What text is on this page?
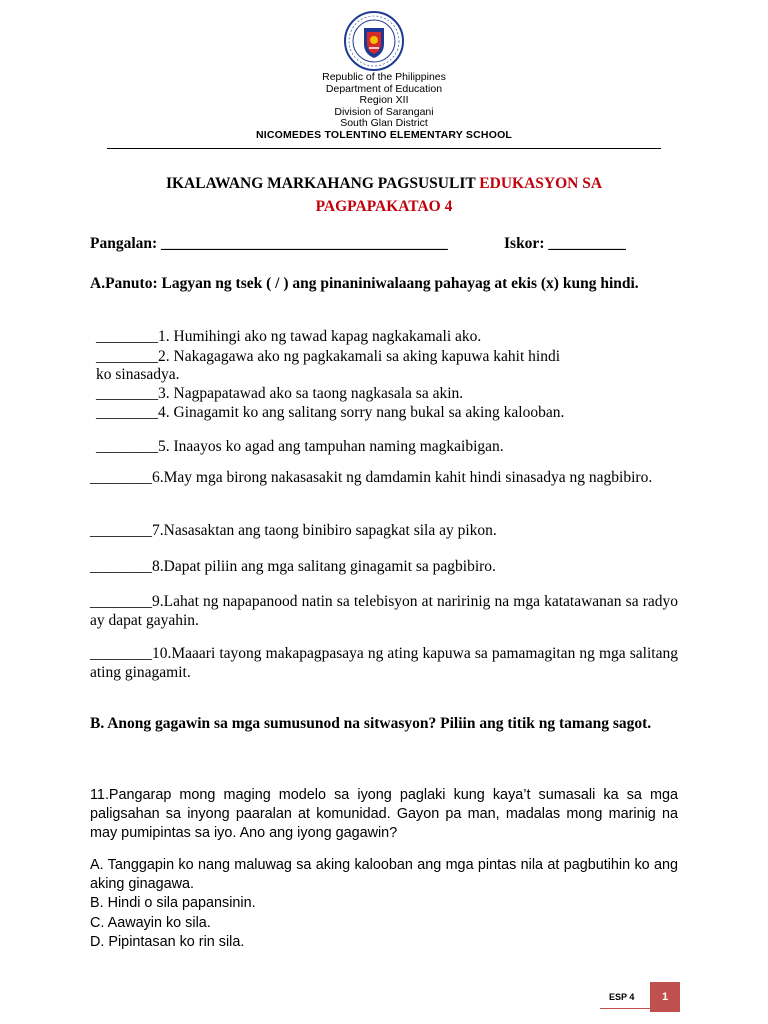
Republic of the Philippines
Department of Education
Region XII
Division of Sarangani
South Glan District
NICOMEDES TOLENTINO ELEMENTARY SCHOOL
IKALAWANG MARKAHANG PAGSUSULIT EDUKASYON SA
PAGPAPAKATAO 4
Pangalan: _____________________________________	Iskor: __________
A.Panuto: Lagyan ng tsek ( / ) ang pinaniniwalaang pahayag at ekis (x) kung hindi.
________1. Humihingi ako ng tawad kapag nagkakamali ako.
________2. Nakagagawa ako ng pagkakamali sa aking kapuwa kahit hindi
ko sinasadya.
________3. Nagpapatawad ako sa taong nagkasala sa akin.
________4. Ginagamit ko ang salitang sorry nang bukal sa aking kalooban.
________5. Inaayos ko agad ang tampuhan naming magkaibigan.
________6.May mga birong nakasasakit ng damdamin kahit hindi sinasadya ng nagbibiro.
________7.Nasasaktan ang taong binibiro sapagkat sila ay pikon.
________8.Dapat piliin ang mga salitang ginagamit sa pagbibiro.
________9.Lahat ng napapanood natin sa telebisyon at naririnig na mga katatawanan sa radyo ay dapat gayahin.
________10.Maaari tayong makapagpasaya ng ating kapuwa sa pamamagitan ng mga salitang ating ginagamit.
B. Anong gagawin sa mga sumusunod na sitwasyon? Piliin ang titik ng tamang sagot.
11.Pangarap mong maging modelo sa iyong paglaki kung kaya’t sumasali ka sa mga paligsahan sa inyong paaralan at komunidad. Gayon pa man, madalas mong marinig na may pumipintas sa iyo. Ano ang iyong gagawin?
A. Tanggapin ko nang maluwag sa aking kalooban ang mga pintas nila at pagbutihin ko ang aking ginagawa.
B. Hindi o sila papansinin.
C. Aawayin ko sila.
D. Pipintasan ko rin sila.
ESP 4	1
